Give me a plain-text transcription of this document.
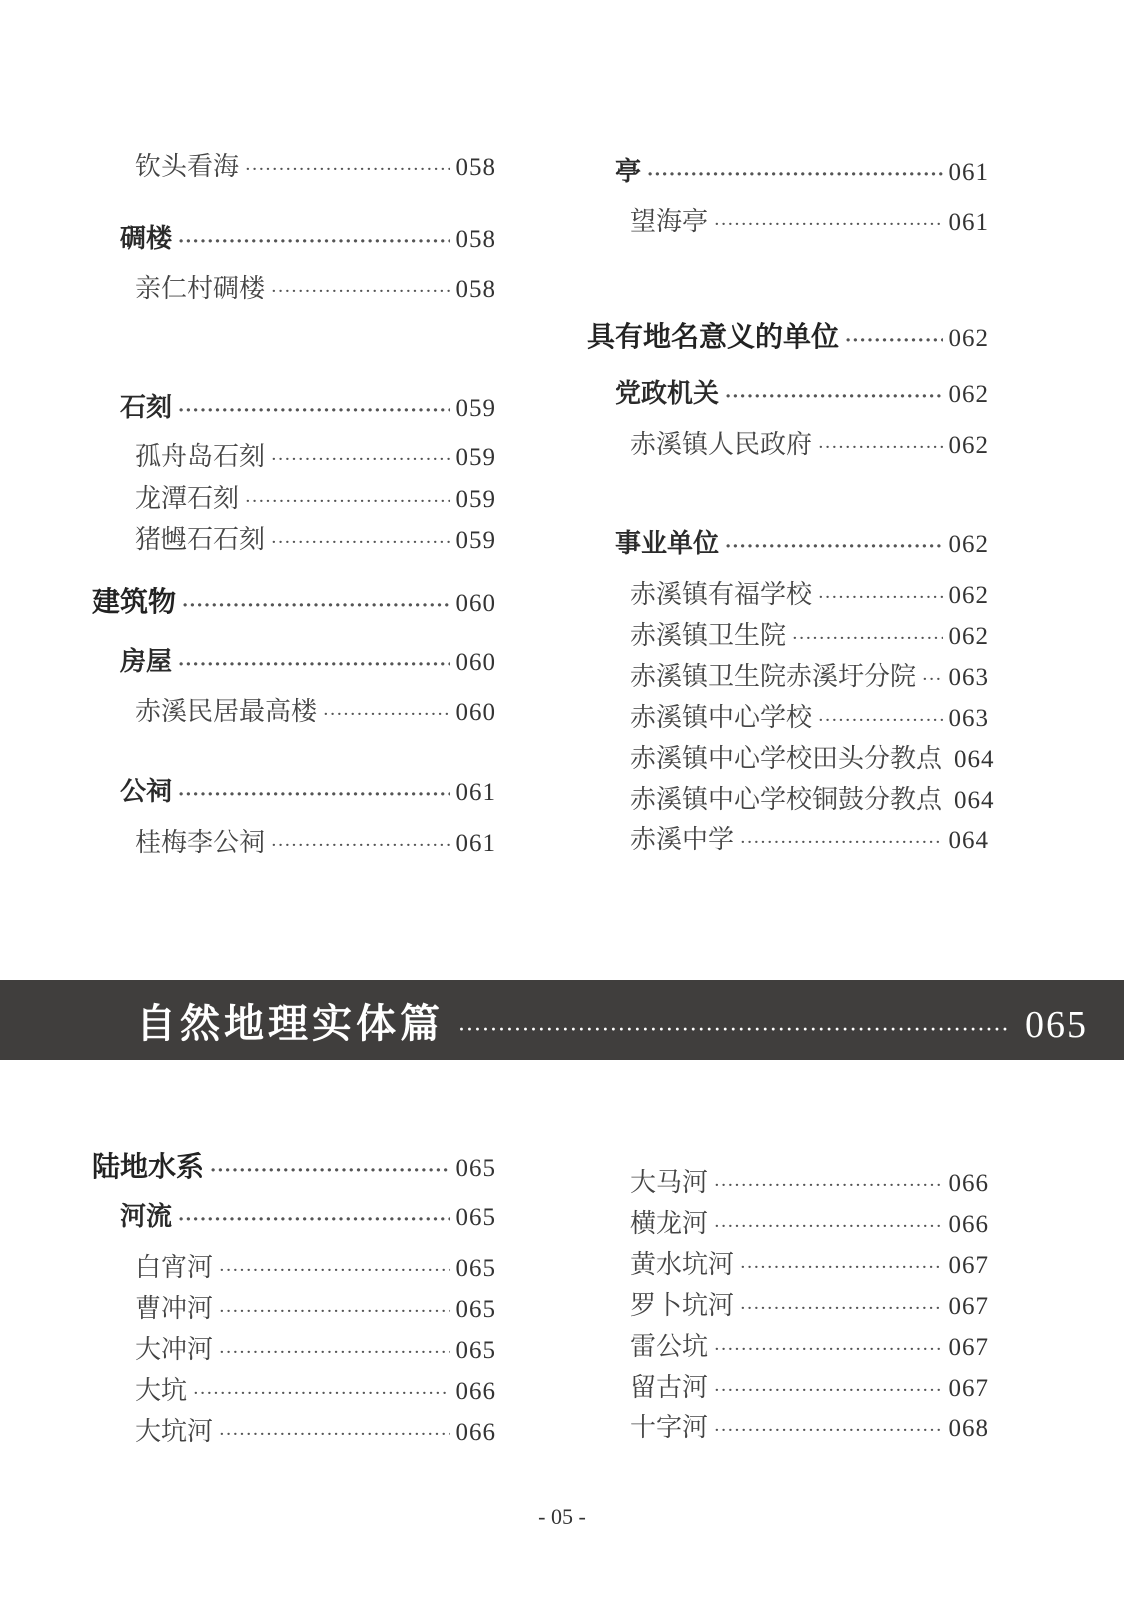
钦头看海 ·····	058
碉楼 ·····	058
亲仁村碉楼 ·····	058
石刻 ·····	059
孤舟岛石刻 ·····	059
龙潭石刻 ·····	059
猪乸石石刻 ·····	059
建筑物 ·····	060
房屋 ·····	060
赤溪民居最高楼 ·····	060
公祠 ·····	061
桂梅李公祠 ·····	061
亭 ·····	061
望海亭 ·····	061
具有地名意义的单位 ·····	062
党政机关 ·····	062
赤溪镇人民政府 ·····	062
事业单位 ·····	062
赤溪镇有福学校 ·····	062
赤溪镇卫生院 ·····	062
赤溪镇卫生院赤溪圩分院 ····· 063
赤溪镇中心学校 ·····	063
赤溪镇中心学校田头分教点 064
赤溪镇中心学校铜鼓分教点 064
赤溪中学 ·····	064
陆地水系 ·····	065
河流 ·····	065
白宵河 ·····	065
曹冲河 ·····	065
大冲河 ·····	065
大坑 ·····	066
大坑河 ·····	066
大马河 ·····	066
横龙河 ·····	066
黄水坑河 ·····	067
罗卜坑河 ·····	067
雷公坑 ·····	067
留古河 ·····	067
十字河 ·····	068
自然地理实体篇 ·····	065
- 05 -
